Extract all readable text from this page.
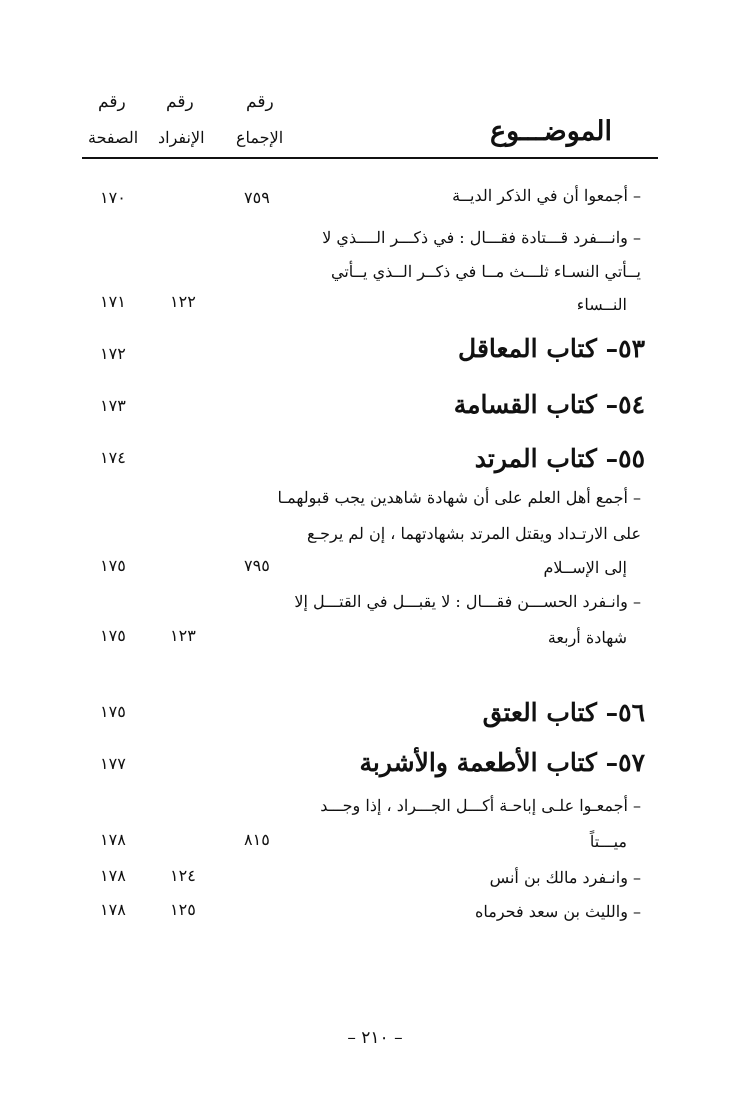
رقم رقم	رقم
الصفحة الإنفراد الإجماع	الموضـــوع
– أجمعوا أن في الذكر الديــة
٧٥٩
١٧٠
– وانـــفرد قـــتادة فقـــال : في ذكـــر الــــذي لا
يــأتي النسـاء ثلـــث مــا في ذكــر الــذي يــأتي
النــساء
١٢٢
١٧١
٥٣– كتاب المعاقل
١٧٢
٥٤– كتاب القسامة
١٧٣
٥٥– كتاب المرتد
١٧٤
– أجمع أهل العلم على أن شهادة شاهدين يجب قبولهمـا
على الارتـداد ويقتل المرتد بشهادتهما ، إن لم يرجـع
إلى الإســلام
٧٩٥
١٧٥
– وانـفرد الحســـن فقـــال : لا يقبـــل في القتـــل إلا
شهادة أربعة
١٢٣
١٧٥
٥٦– كتاب العتق
١٧٥
٥٧– كتاب الأطعمة والأشربة
١٧٧
– أجمعـوا علـى إباحـة أكـــل الجـــراد ، إذا وجـــد
ميـــتاً
٨١٥
١٧٨
– وانـفرد مالك بن أنس
١٢٤
١٧٨
– والليث بن سعد فحرماه
١٢٥
١٧٨
– ٢١٠ –
